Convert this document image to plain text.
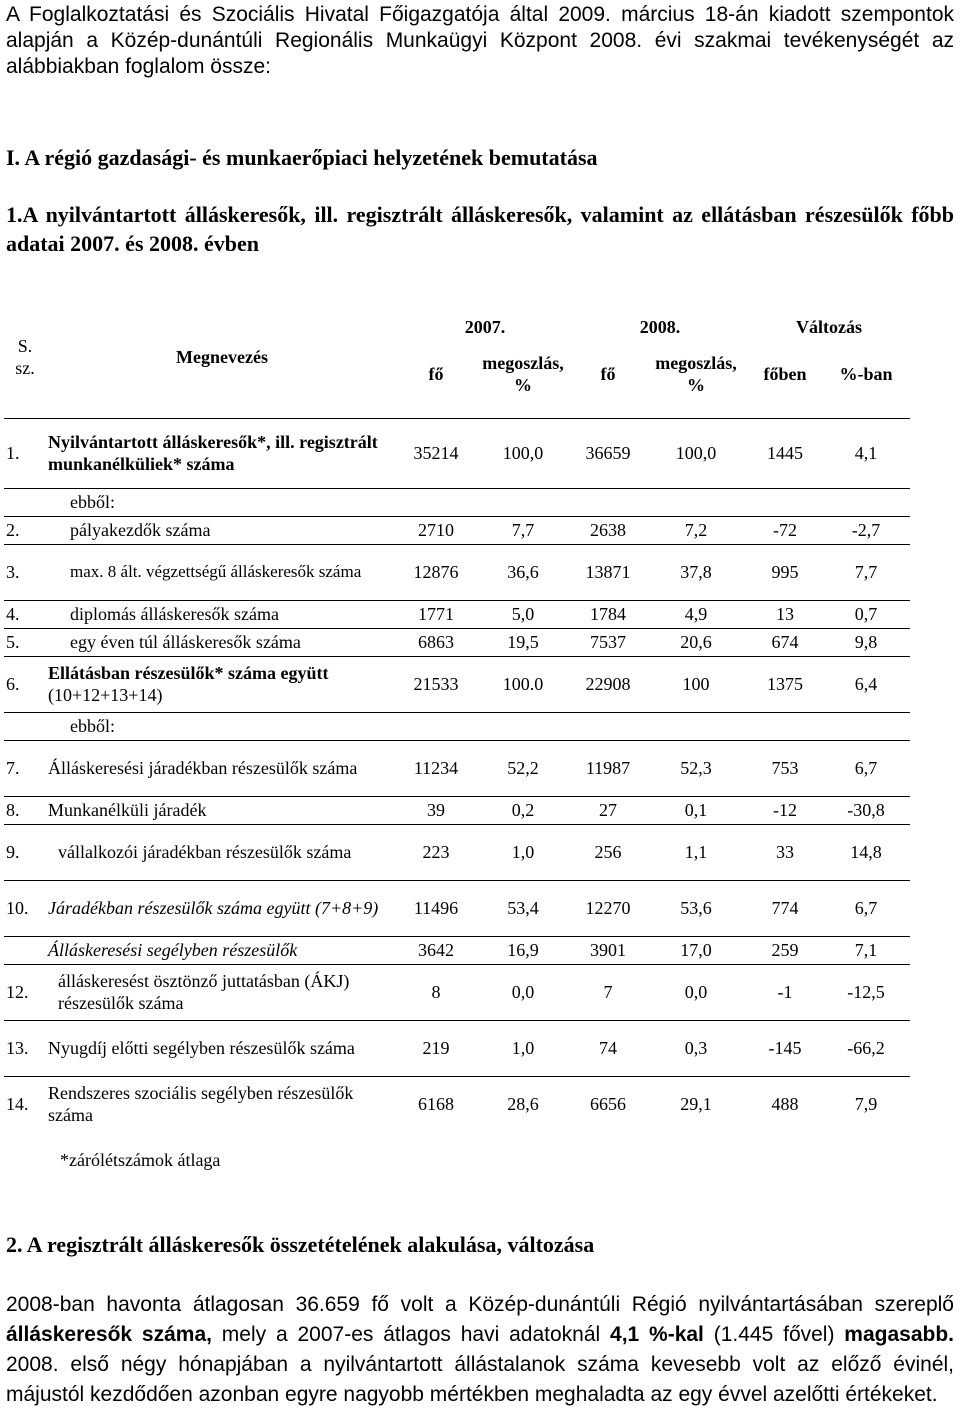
A Foglalkoztatási és Szociális Hivatal Főigazgatója által 2009. március 18-án kiadott szempontok alapján a Közép-dunántúli Regionális Munkaügyi Központ 2008. évi szakmai tevékenységét az alábbiakban foglalom össze:
I. A régió gazdasági- és munkaerőpiaci helyzetének bemutatása
1.A nyilvántartott álláskeresők, ill. regisztrált álláskeresők, valamint az ellátásban részesülők főbb adatai 2007. és 2008. évben
S. sz.	Megnevezés	2007.		2008.		Változás	
		fő	megoszlás, %	fő	megoszlás, %	főben	%-ban

1.	Nyilvántartott álláskeresők*, ill. regisztrált munkanélküliek* száma	35214	100,0	36659	100,0	1445	4,1
	ebből:						
2.	pályakezdők száma	2710	7,7	2638	7,2	-72	-2,7
3.	max. 8 ált. végzettségű álláskeresők száma	12876	36,6	13871	37,8	995	7,7
4.	diplomás álláskeresők száma	1771	5,0	1784	4,9	13	0,7
5.	egy éven túl álláskeresők száma	6863	19,5	7537	20,6	674	9,8
6.	Ellátásban részesülők* száma együtt (10+12+13+14)	21533	100.0	22908	100	1375	6,4
	ebből:						
7.	Álláskeresési járadékban részesülők száma	11234	52,2	11987	52,3	753	6,7
8.	Munkanélküli járadék	39	0,2	27	0,1	-12	-30,8
9.	vállalkozói járadékban részesülők száma	223	1,0	256	1,1	33	14,8
10.	Járadékban részesülők száma együtt (7+8+9)	11496	53,4	12270	53,6	774	6,7
	Álláskeresési segélyben részesülők	3642	16,9	3901	17,0	259	7,1
12.	álláskeresést ösztönző juttatásban (ÁKJ) részesülők száma	8	0,0	7	0,0	-1	-12,5
13.	Nyugdíj előtti segélyben részesülők száma	219	1,0	74	0,3	-145	-66,2
14.	Rendszeres szociális segélyben részesülők száma	6168	28,6	6656	29,1	488	7,9
*zárólétszámok átlaga
2. A regisztrált álláskeresők összetételének alakulása, változása
2008-ban havonta átlagosan 36.659 fő volt a Közép-dunántúli Régió nyilvántartásában szereplő álláskeresők száma, mely a 2007-es átlagos havi adatoknál 4,1 %-kal (1.445 fővel) magasabb. 2008. első négy hónapjában a nyilvántartott állástalanok száma kevesebb volt az előző évinél, májustól kezdődően azonban egyre nagyobb mértékben meghaladta az egy évvel azelőtti értékeket.
